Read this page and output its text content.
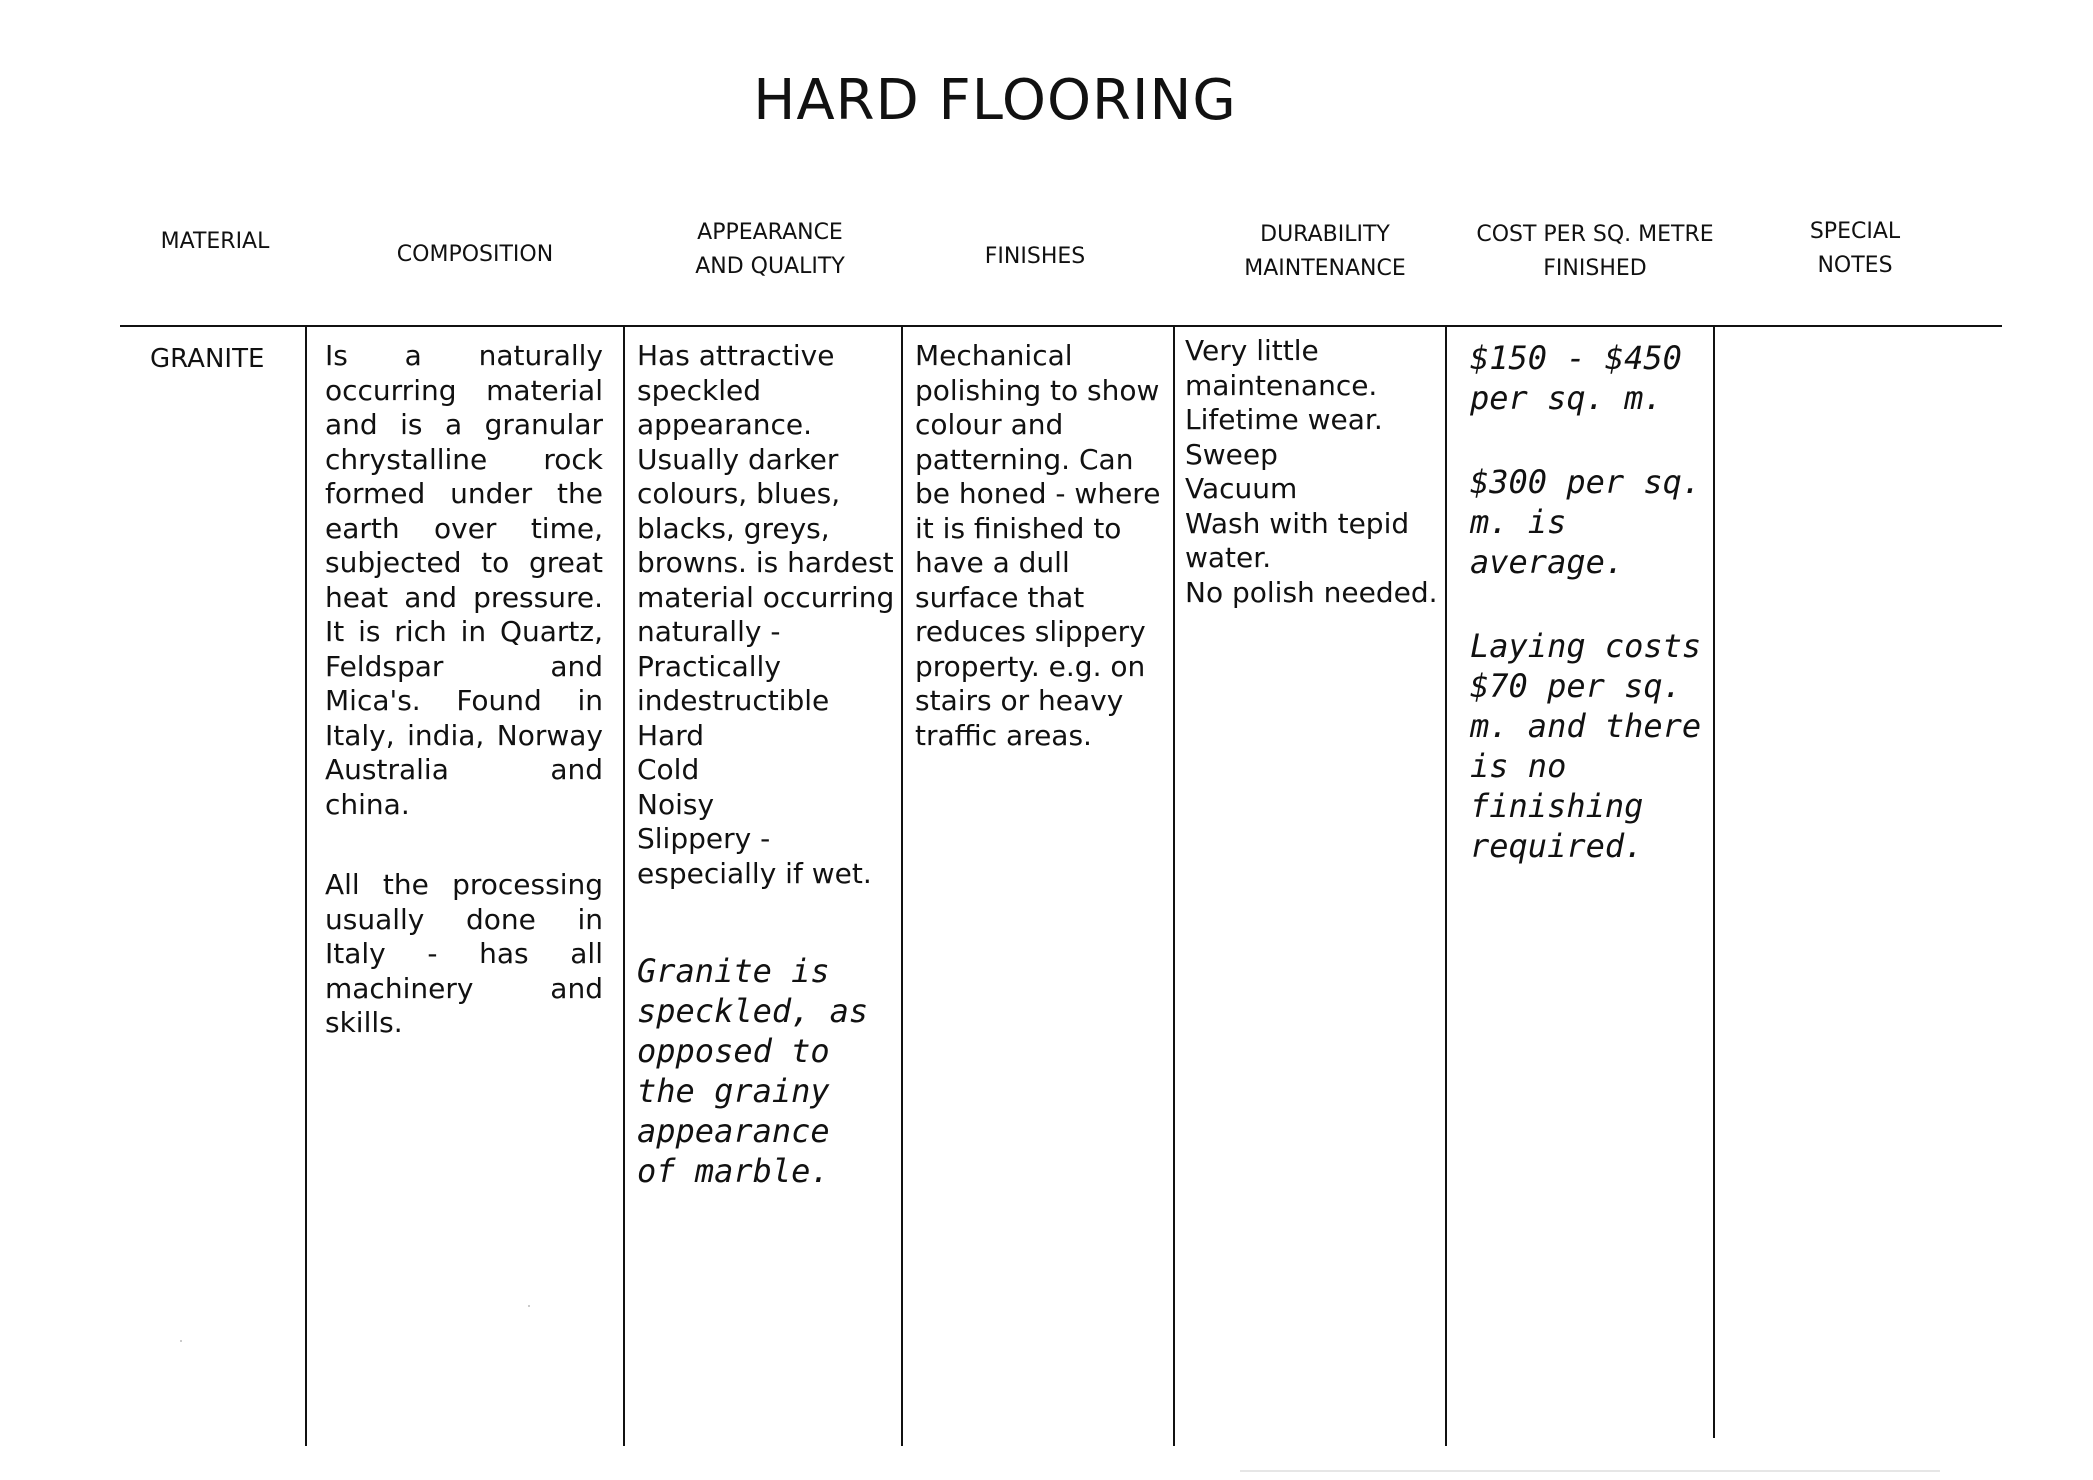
HARD FLOORING
MATERIAL
COMPOSITION
APPEARANCE
AND QUALITY	FINISHES
DURABILITY
MAINTENANCE
COST PER SQ. METRE
FINISHED
SPECIAL
NOTES

GRANITE	Is a naturally occurring material and is a granular chrystalline rock formed under the earth over time, subjected to great heat and pressure. It is rich in Quartz, Feldspar and Mica's. Found in Italy, india, Norway Australia and china.

All the processing usually done in Italy - has all machinery and skills.

Has attractive speckled appearance. Usually darker colours, blues, blacks, greys, browns. is hardest material occurring naturally - Practically indestructible

Hard

Cold

Noisy

Slippery - especially if wet.

Granite is speckled, as opposed to the grainy appearance of marble.

Mechanical polishing to show colour and patterning. Can be honed - where it is finished to have a dull surface that reduces slippery property. e.g. on stairs or heavy traffic areas.

Very little maintenance.

Lifetime wear.

Sweep

Vacuum

Wash with tepid water.

No polish needed.

$150 - $450 per sq. m.

$300 per sq. m. is average.

Laying costs $70 per sq. m. and there is no finishing required.
